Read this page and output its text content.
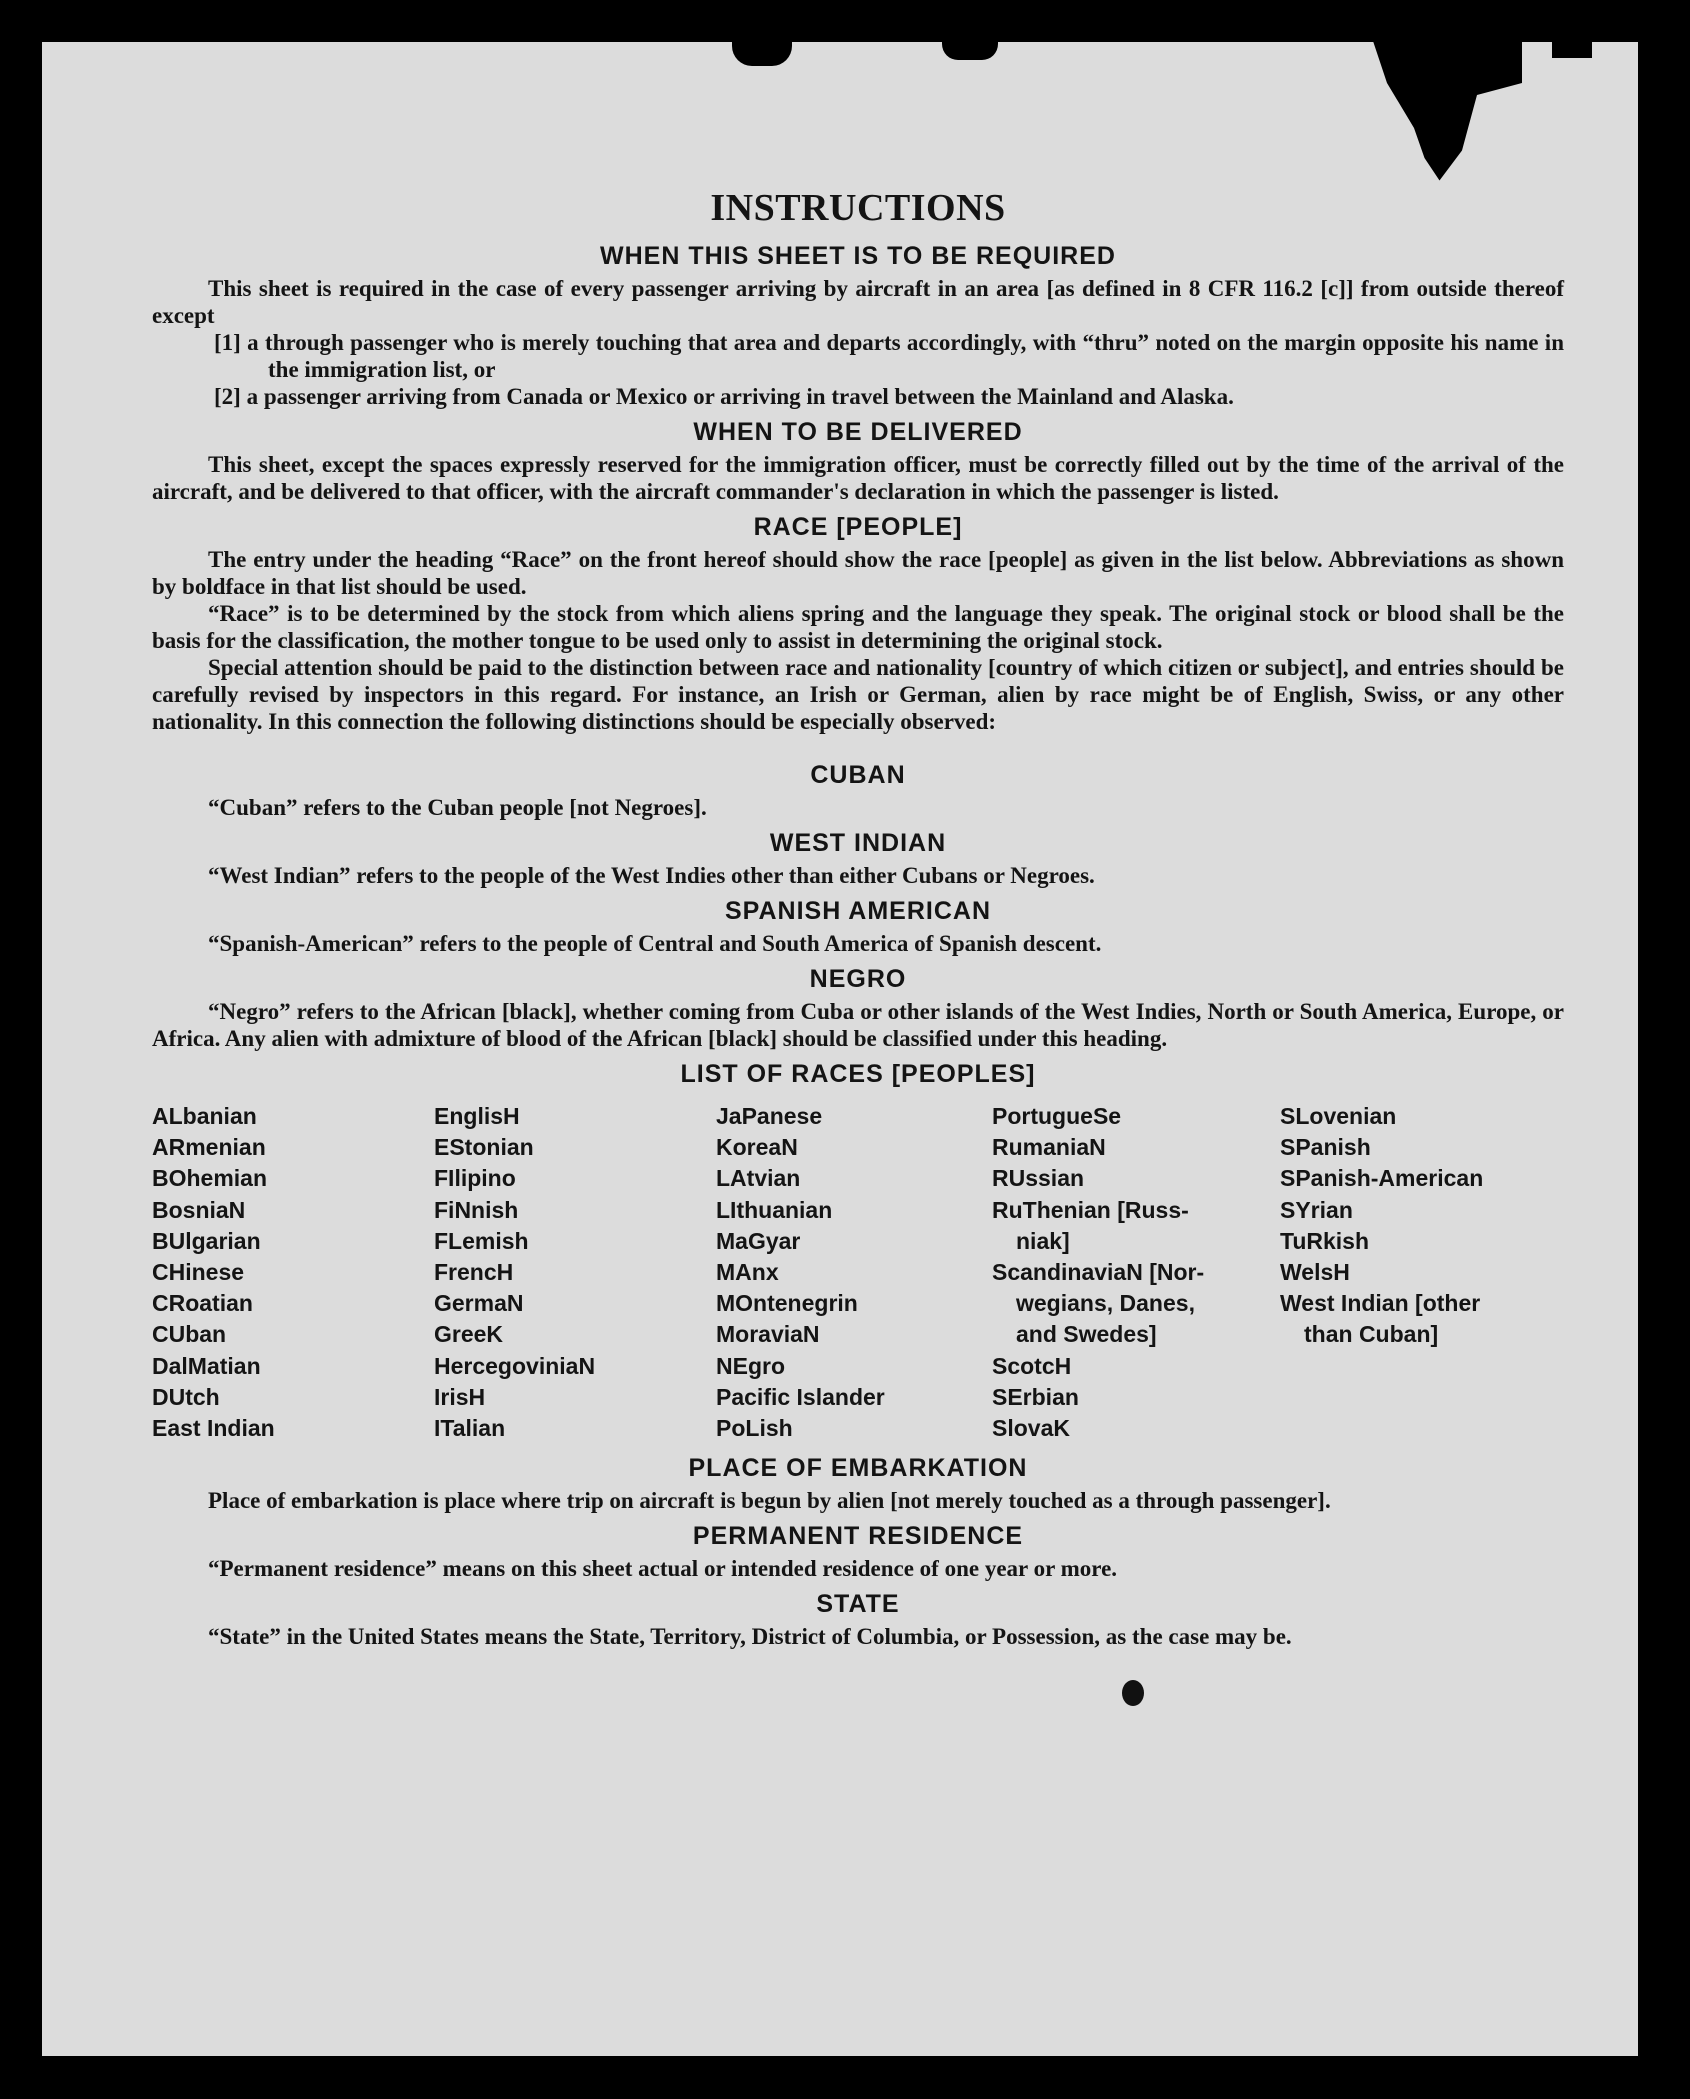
INSTRUCTIONS
WHEN THIS SHEET IS TO BE REQUIRED

This sheet is required in the case of every passenger arriving by aircraft in an area [as defined in 8 CFR 116.2 [c]] from outside thereof except

[1] a through passenger who is merely touching that area and departs accordingly, with “thru” noted on the margin opposite his name in the immigration list, or

[2] a passenger arriving from Canada or Mexico or arriving in travel between the Mainland and Alaska.

WHEN TO BE DELIVERED

This sheet, except the spaces expressly reserved for the immigration officer, must be correctly filled out by the time of the arrival of the aircraft, and be delivered to that officer, with the aircraft commander's declaration in which the passenger is listed.

RACE [PEOPLE]

The entry under the heading “Race” on the front hereof should show the race [people] as given in the list below. Abbreviations as shown by boldface in that list should be used.

“Race” is to be determined by the stock from which aliens spring and the language they speak. The original stock or blood shall be the basis for the classification, the mother tongue to be used only to assist in determining the original stock.

Special attention should be paid to the distinction between race and nationality [country of which citizen or subject], and entries should be carefully revised by inspectors in this regard. For instance, an Irish or German, alien by race might be of English, Swiss, or any other nationality. In this connection the following distinctions should be especially observed:

CUBAN

“Cuban” refers to the Cuban people [not Negroes].

WEST INDIAN

“West Indian” refers to the people of the West Indies other than either Cubans or Negroes.

SPANISH AMERICAN

“Spanish-American” refers to the people of Central and South America of Spanish descent.

NEGRO

“Negro” refers to the African [black], whether coming from Cuba or other islands of the West Indies, North or South America, Europe, or Africa. Any alien with admixture of blood of the African [black] should be classified under this heading.

LIST OF RACES [PEOPLES]
ALbanian
ARmenian
BOhemian
BosniaN
BUlgarian
CHinese
CRoatian
CUban
DalMatian
DUtch
East Indian
EnglisH
EStonian
FIlipino
FiNnish
FLemish
FrencH
GermaN
GreeK
HercegoviniaN
IrisH
ITalian
JaPanese
KoreaN
LAtvian
LIthuanian
MaGyar
MAnx
MOntenegrin
MoraviaN
NEgro
Pacific Islander
PoLish
PortugueSe
RumaniaN
RUssian
RuThenian [Russ-
niak]
ScandinaviaN [Nor-
wegians, Danes,
and Swedes]
ScotcH
SErbian
SlovaK
SLovenian
SPanish
SPanish-American
SYrian
TuRkish
WelsH
West Indian [other
than Cuban]
PLACE OF EMBARKATION

Place of embarkation is place where trip on aircraft is begun by alien [not merely touched as a through passenger].

PERMANENT RESIDENCE

“Permanent residence” means on this sheet actual or intended residence of one year or more.

STATE

“State” in the United States means the State, Territory, District of Columbia, or Possession, as the case may be.
